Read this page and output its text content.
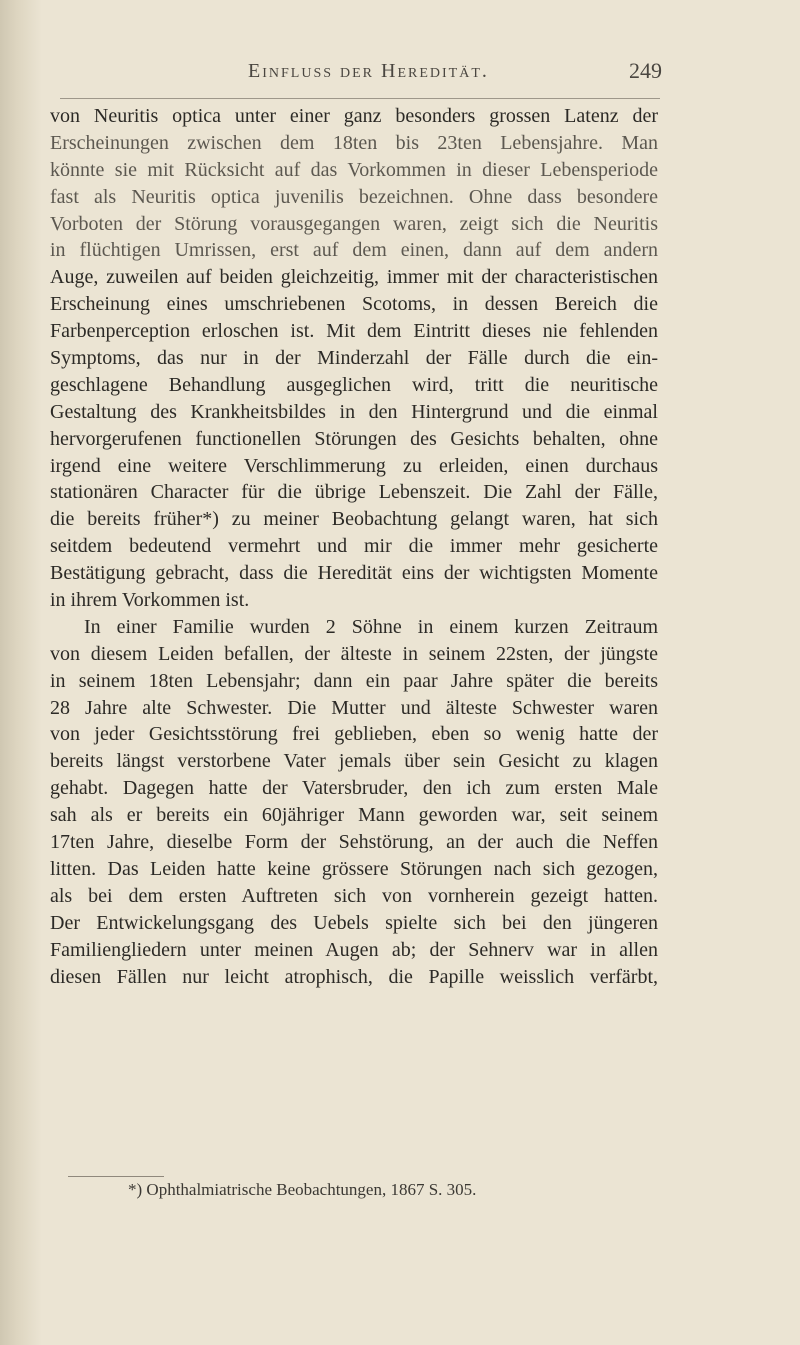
Einfluss der Heredität.	249
von Neuritis optica unter einer ganz besonders grossen Latenz der
Erscheinungen zwischen dem 18ten bis 23ten Lebensjahre. Man
könnte sie mit Rücksicht auf das Vorkommen in dieser Lebensperiode
fast als Neuritis optica juvenilis bezeichnen. Ohne dass besondere
Vorboten der Störung vorausgegangen waren, zeigt sich die Neuritis
in flüchtigen Umrissen, erst auf dem einen, dann auf dem andern
Auge, zuweilen auf beiden gleichzeitig, immer mit der characteristischen
Erscheinung eines umschriebenen Scotoms, in dessen Bereich die
Farbenperception erloschen ist. Mit dem Eintritt dieses nie fehlenden
Symptoms, das nur in der Minderzahl der Fälle durch die ein-
geschlagene Behandlung ausgeglichen wird, tritt die neuritische
Gestaltung des Krankheitsbildes in den Hintergrund und die einmal
hervorgerufenen functionellen Störungen des Gesichts behalten, ohne
irgend eine weitere Verschlimmerung zu erleiden, einen durchaus
stationären Character für die übrige Lebenszeit. Die Zahl der Fälle,
die bereits früher*) zu meiner Beobachtung gelangt waren, hat sich
seitdem bedeutend vermehrt und mir die immer mehr gesicherte
Bestätigung gebracht, dass die Heredität eins der wichtigsten Momente
in ihrem Vorkommen ist.
In einer Familie wurden 2 Söhne in einem kurzen Zeitraum
von diesem Leiden befallen, der älteste in seinem 22sten, der jüngste
in seinem 18ten Lebensjahr; dann ein paar Jahre später die bereits
28 Jahre alte Schwester. Die Mutter und älteste Schwester waren
von jeder Gesichtsstörung frei geblieben, eben so wenig hatte der
bereits längst verstorbene Vater jemals über sein Gesicht zu klagen
gehabt. Dagegen hatte der Vatersbruder, den ich zum ersten Male
sah als er bereits ein 60jähriger Mann geworden war, seit seinem
17ten Jahre, dieselbe Form der Sehstörung, an der auch die Neffen
litten. Das Leiden hatte keine grössere Störungen nach sich gezogen,
als bei dem ersten Auftreten sich von vornherein gezeigt hatten.
Der Entwickelungsgang des Uebels spielte sich bei den jüngeren
Familiengliedern unter meinen Augen ab; der Sehnerv war in allen
diesen Fällen nur leicht atrophisch, die Papille weisslich verfärbt,
*) Ophthalmiatrische Beobachtungen, 1867 S. 305.
